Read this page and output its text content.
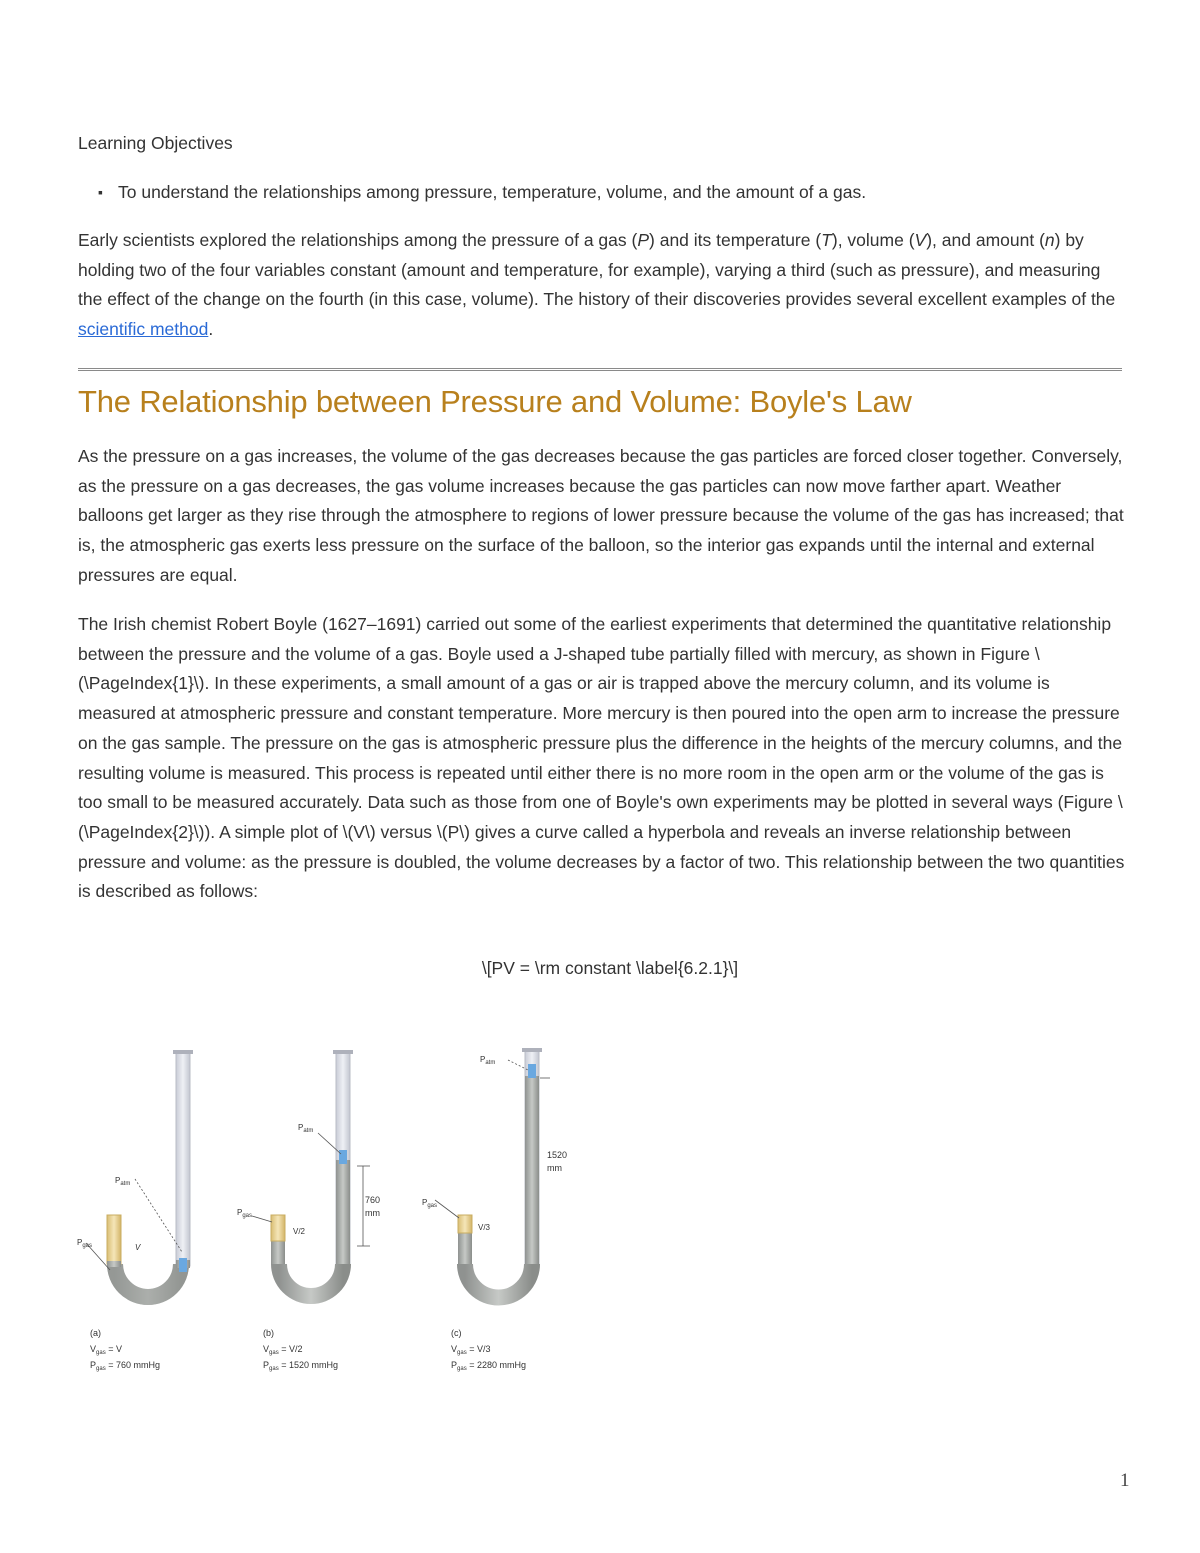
Learning Objectives
▪ To understand the relationships among pressure, temperature, volume, and the amount of a gas.

Early scientists explored the relationships among the pressure of a gas (P) and its temperature (T), volume (V), and amount (n) by holding two of the four variables constant (amount and temperature, for example), varying a third (such as pressure), and measuring the effect of the change on the fourth (in this case, volume). The history of their discoveries provides several excellent examples of the scientific method.

The Relationship between Pressure and Volume: Boyle's Law

As the pressure on a gas increases, the volume of the gas decreases because the gas particles are forced closer together. Conversely, as the pressure on a gas decreases, the gas volume increases because the gas particles can now move farther apart. Weather balloons get larger as they rise through the atmosphere to regions of lower pressure because the volume of the gas has increased; that is, the atmospheric gas exerts less pressure on the surface of the balloon, so the interior gas expands until the internal and external pressures are equal.

The Irish chemist Robert Boyle (1627–1691) carried out some of the earliest experiments that determined the quantitative relationship between the pressure and the volume of a gas. Boyle used a J-shaped tube partially filled with mercury, as shown in Figure \(\PageIndex{1}\). In these experiments, a small amount of a gas or air is trapped above the mercury column, and its volume is measured at atmospheric pressure and constant temperature. More mercury is then poured into the open arm to increase the pressure on the gas sample. The pressure on the gas is atmospheric pressure plus the difference in the heights of the mercury columns, and the resulting volume is measured. This process is repeated until either there is no more room in the open arm or the volume of the gas is too small to be measured accurately. Data such as those from one of Boyle's own experiments may be plotted in several ways (Figure \(\PageIndex{2}\)). A simple plot of \(V\) versus \(P\) gives a curve called a hyperbola and reveals an inverse relationship between pressure and volume: as the pressure is doubled, the volume decreases by a factor of two. This relationship between the two quantities is described as follows:

\[PV = \rm constant \label{6.2.1}\]
$P_{atm}$
$P_{gas}$	V
(a)
$V_{gas} = V$
$P_{gas} = 760$ mmHg
$P_{atm}$
$P_{gas}$
V/2
760
mm
(b)
$V_{gas} = V/2$
$P_{gas} = 1520$ mmHg
$P_{atm}$
$P_{gas}$
V/3
1520
mm
(c)
$V_{gas} = V/3$
$P_{gas} = 2280$ mmHg
1
